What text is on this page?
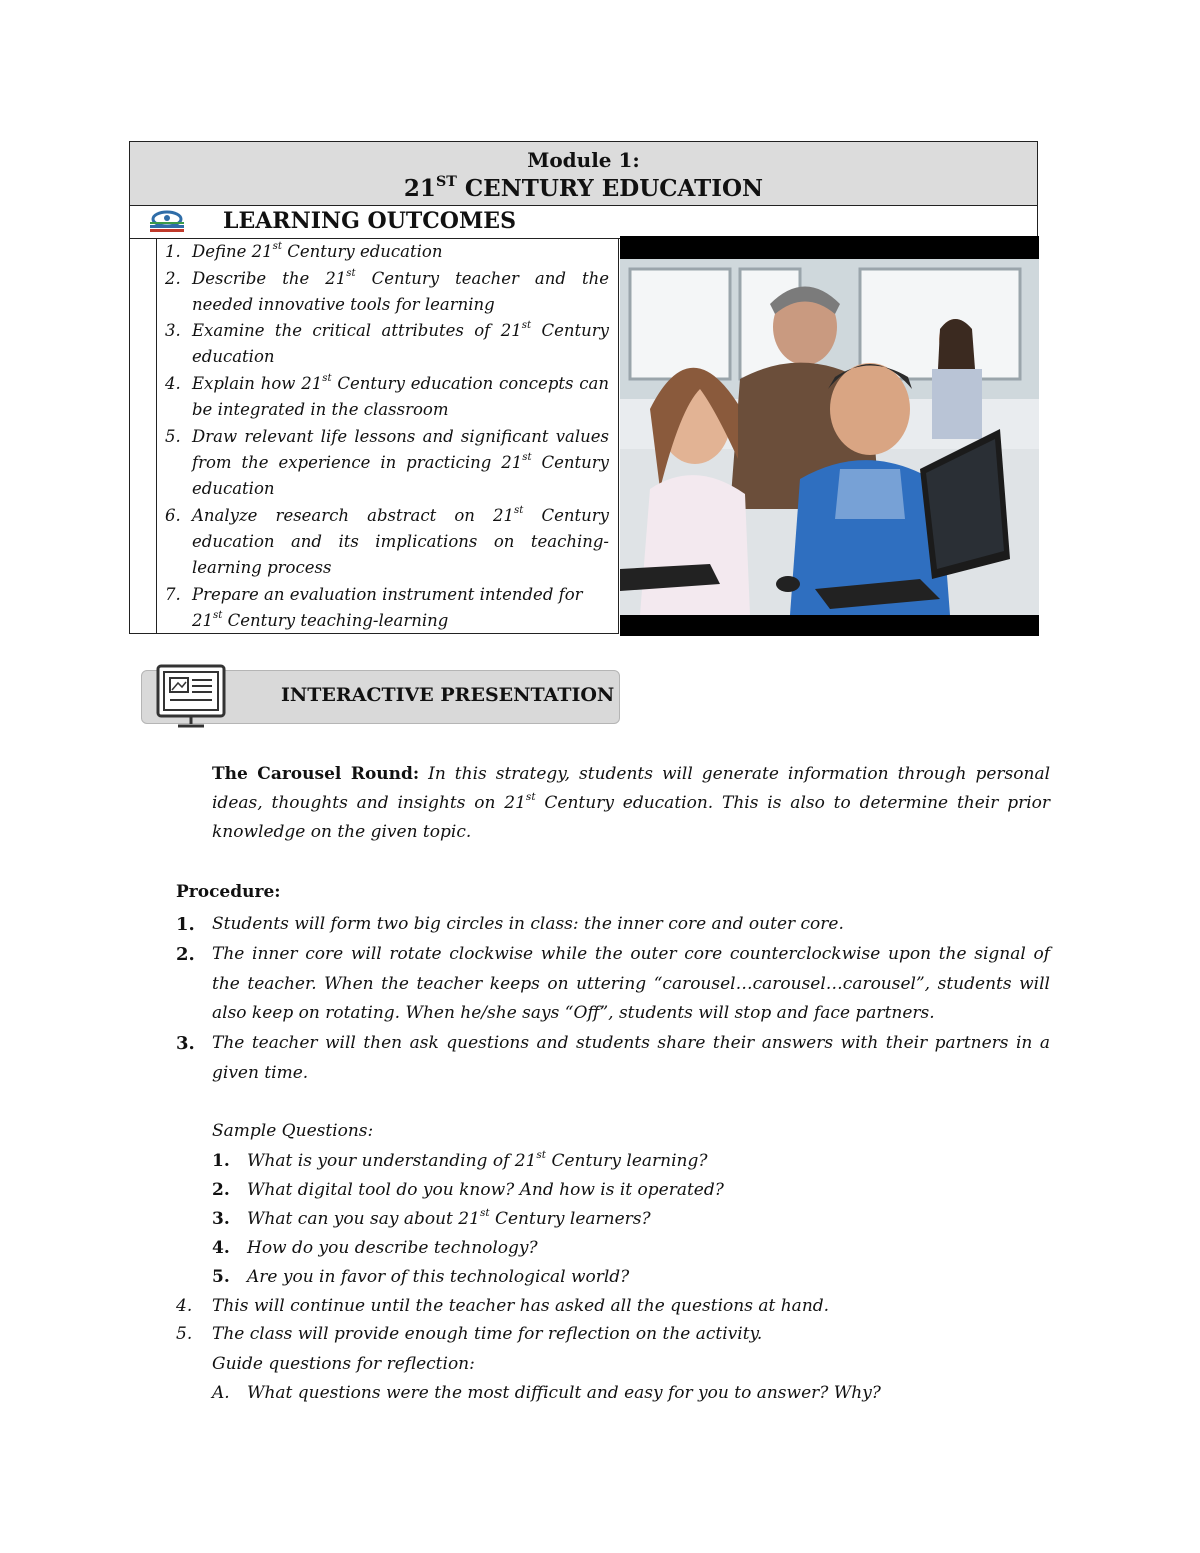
Module 1:
21ST CENTURY EDUCATION
LEARNING OUTCOMES
1. Define 21st Century education
2. Describe the 21st Century teacher and the needed innovative tools for learning
3. Examine the critical attributes of 21st Century education
4. Explain how 21st Century education concepts can be integrated in the classroom
5. Draw relevant life lessons and significant values from the experience in practicing 21st Century education
6. Analyze research abstract on 21st Century education and its implications on teaching-learning process
7. Prepare an evaluation instrument intended for 21st Century teaching-learning
INTERACTIVE PRESENTATION
The Carousel Round: In this strategy, students will generate information through personal ideas, thoughts and insights on 21st Century education. This is also to determine their prior knowledge on the given topic.
Procedure:
1. Students will form two big circles in class: the inner core and outer core.
2. The inner core will rotate clockwise while the outer core counterclockwise upon the signal of the teacher. When the teacher keeps on uttering “carousel…carousel…carousel”, students will also keep on rotating. When he/she says “Off”, students will stop and face partners.
3. The teacher will then ask questions and students share their answers with their partners in a given time.
Sample Questions:
1. What is your understanding of 21st Century learning?
2. What digital tool do you know? And how is it operated?
3. What can you say about 21st Century learners?
4. How do you describe technology?
5. Are you in favor of this technological world?
4. This will continue until the teacher has asked all the questions at hand.
5. The class will provide enough time for reflection on the activity.
Guide questions for reflection:
A. What questions were the most difficult and easy for you to answer? Why?
